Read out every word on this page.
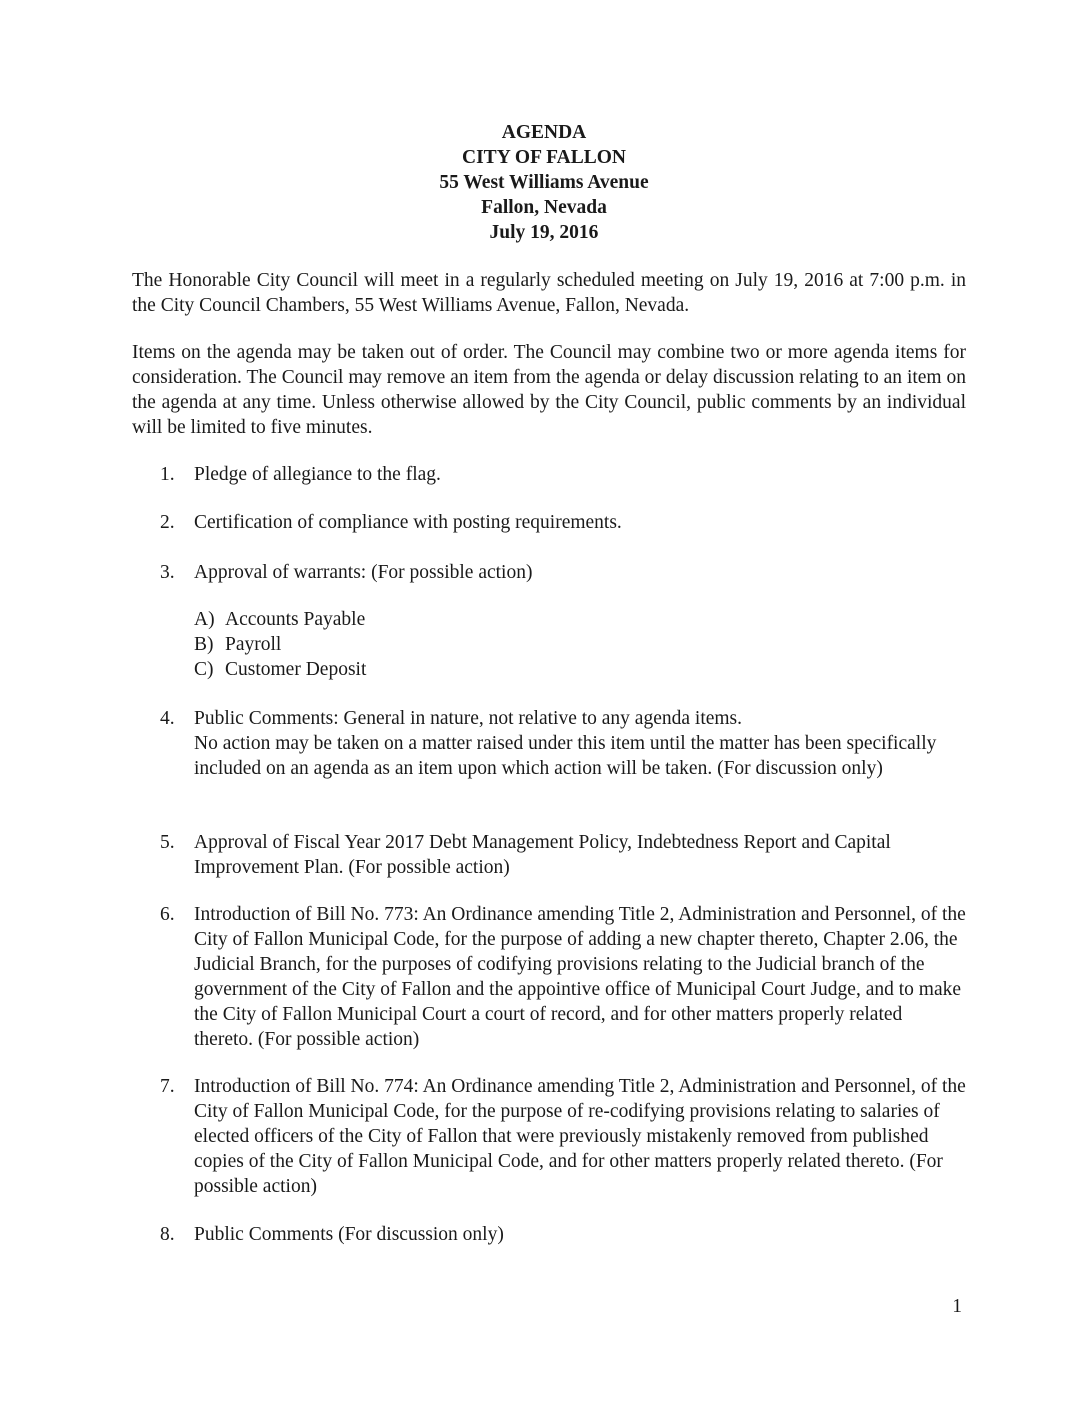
AGENDA
CITY OF FALLON
55 West Williams Avenue
Fallon, Nevada
July 19, 2016

The Honorable City Council will meet in a regularly scheduled meeting on July 19, 2016 at 7:00 p.m. in the City Council Chambers, 55 West Williams Avenue, Fallon, Nevada.

Items on the agenda may be taken out of order. The Council may combine two or more agenda items for consideration. The Council may remove an item from the agenda or delay discussion relating to an item on the agenda at any time. Unless otherwise allowed by the City Council, public comments by an individual will be limited to five minutes.

1. Pledge of allegiance to the flag.
2. Certification of compliance with posting requirements.
3. Approval of warrants: (For possible action)
A) Accounts Payable
B) Payroll
C) Customer Deposit
4. Public Comments: General in nature, not relative to any agenda items.
No action may be taken on a matter raised under this item until the matter has been specifically included on an agenda as an item upon which action will be taken. (For discussion only)
5. Approval of Fiscal Year 2017 Debt Management Policy, Indebtedness Report and Capital Improvement Plan. (For possible action)
6. Introduction of Bill No. 773: An Ordinance amending Title 2, Administration and Personnel, of the City of Fallon Municipal Code, for the purpose of adding a new chapter thereto, Chapter 2.06, the Judicial Branch, for the purposes of codifying provisions relating to the Judicial branch of the government of the City of Fallon and the appointive office of Municipal Court Judge, and to make the City of Fallon Municipal Court a court of record, and for other matters properly related thereto. (For possible action)
7. Introduction of Bill No. 774: An Ordinance amending Title 2, Administration and Personnel, of the City of Fallon Municipal Code, for the purpose of re-codifying provisions relating to salaries of elected officers of the City of Fallon that were previously mistakenly removed from published copies of the City of Fallon Municipal Code, and for other matters properly related thereto. (For possible action)
8. Public Comments (For discussion only)
1
